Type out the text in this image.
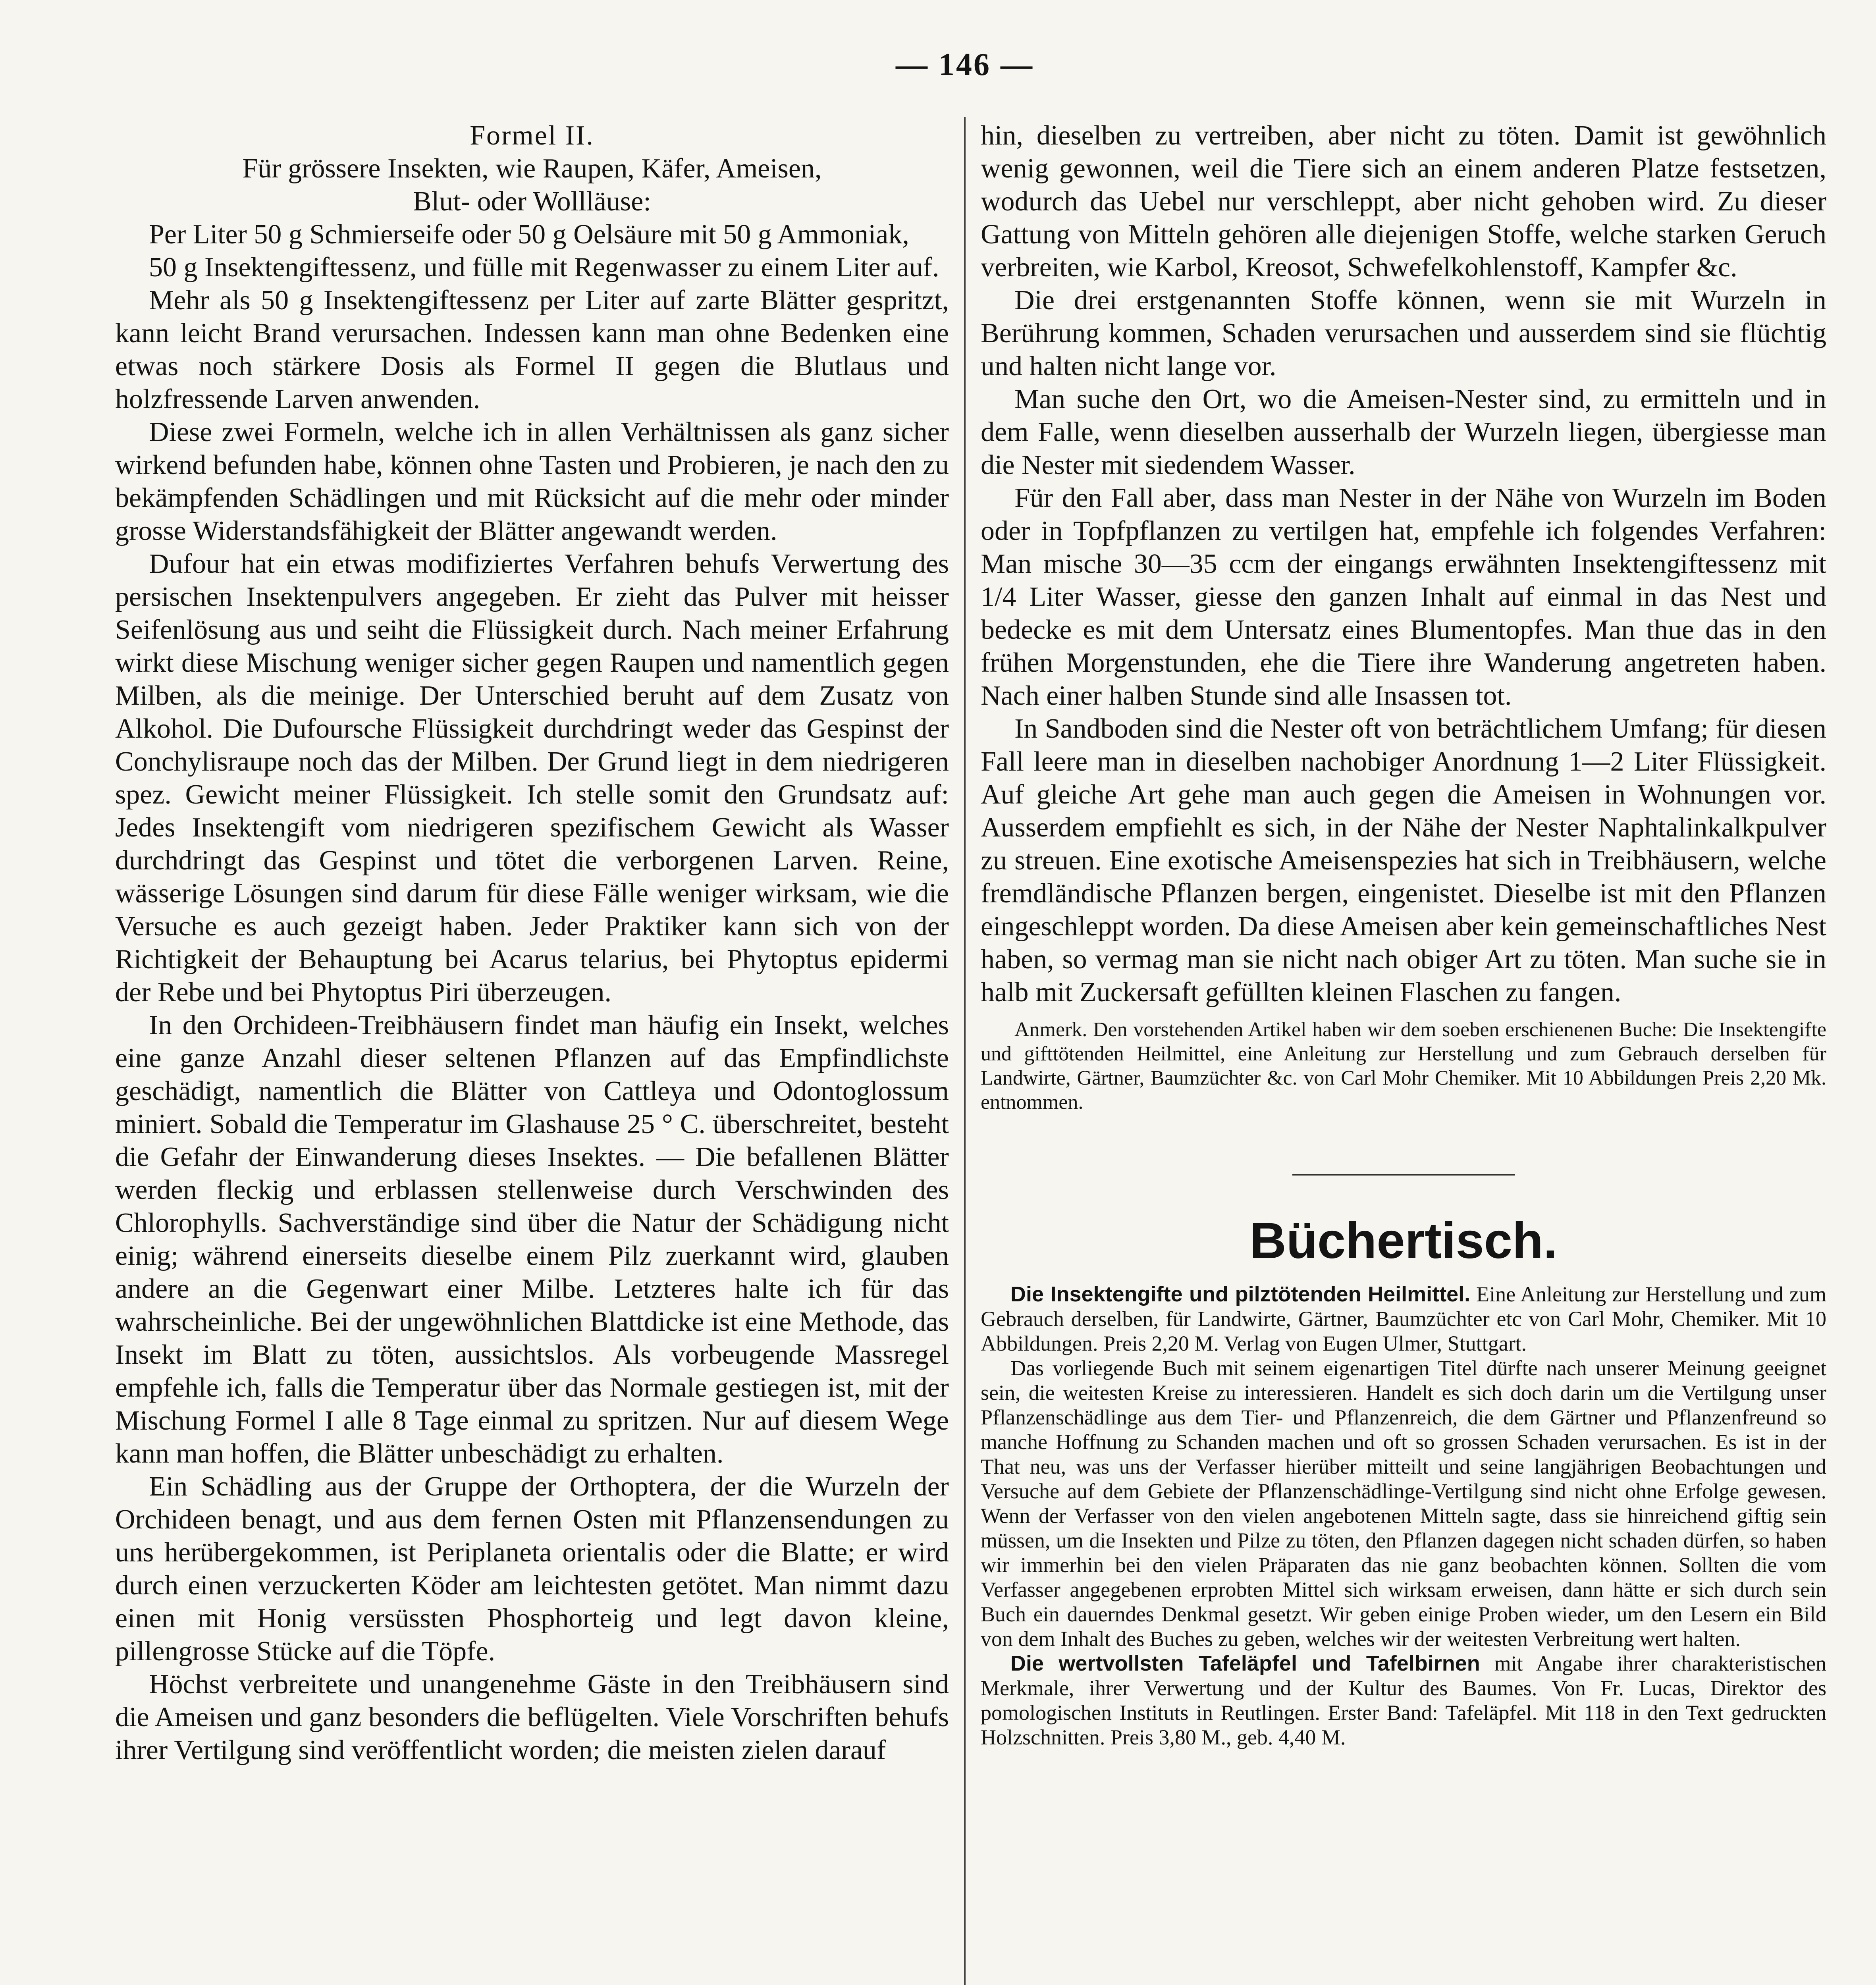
— 146 —

Formel II.

Für grössere Insekten, wie Raupen, Käfer, Ameisen,

Blut- oder Wollläuse:

Per Liter 50 g Schmierseife oder 50 g Oelsäure mit 50 g Ammoniak,

50 g Insektengiftessenz, und fülle mit Regenwasser zu einem Liter auf.

Mehr als 50 g Insektengiftessenz per Liter auf zarte Blätter gespritzt, kann leicht Brand verursachen. Indessen kann man ohne Bedenken eine etwas noch stärkere Dosis als Formel II gegen die Blutlaus und holzfressende Larven anwenden.

Diese zwei Formeln, welche ich in allen Verhältnissen als ganz sicher wirkend befunden habe, können ohne Tasten und Probieren, je nach den zu bekämpfenden Schädlingen und mit Rücksicht auf die mehr oder minder grosse Widerstandsfähigkeit der Blätter angewandt werden.

Dufour hat ein etwas modifiziertes Verfahren behufs Verwertung des persischen Insektenpulvers angegeben. Er zieht das Pulver mit heisser Seifenlösung aus und seiht die Flüssigkeit durch. Nach meiner Erfahrung wirkt diese Mischung weniger sicher gegen Raupen und namentlich gegen Milben, als die meinige. Der Unterschied beruht auf dem Zusatz von Alkohol. Die Dufoursche Flüssigkeit durchdringt weder das Gespinst der Conchylisraupe noch das der Milben. Der Grund liegt in dem niedrigeren spez. Gewicht meiner Flüssigkeit. Ich stelle somit den Grundsatz auf: Jedes Insektengift vom niedrigeren spezifischem Gewicht als Wasser durchdringt das Gespinst und tötet die verborgenen Larven. Reine, wässerige Lösungen sind darum für diese Fälle weniger wirksam, wie die Versuche es auch gezeigt haben. Jeder Praktiker kann sich von der Richtigkeit der Behauptung bei Acarus telarius, bei Phytoptus epidermi der Rebe und bei Phytoptus Piri überzeugen.

In den Orchideen-Treibhäusern findet man häufig ein Insekt, welches eine ganze Anzahl dieser seltenen Pflanzen auf das Empfindlichste geschädigt, namentlich die Blätter von Cattleya und Odontoglossum miniert. Sobald die Temperatur im Glashause 25 ° C. überschreitet, besteht die Gefahr der Einwanderung dieses Insektes. — Die befallenen Blätter werden fleckig und erblassen stellenweise durch Verschwinden des Chlorophylls. Sachverständige sind über die Natur der Schädigung nicht einig; während einerseits dieselbe einem Pilz zuerkannt wird, glauben andere an die Gegenwart einer Milbe. Letzteres halte ich für das wahrscheinliche. Bei der ungewöhnlichen Blattdicke ist eine Methode, das Insekt im Blatt zu töten, aussichtslos. Als vorbeugende Massregel empfehle ich, falls die Temperatur über das Normale gestiegen ist, mit der Mischung Formel I alle 8 Tage einmal zu spritzen. Nur auf diesem Wege kann man hoffen, die Blätter unbeschädigt zu erhalten.

Ein Schädling aus der Gruppe der Orthoptera, der die Wurzeln der Orchideen benagt, und aus dem fernen Osten mit Pflanzensendungen zu uns herübergekommen, ist Periplaneta orientalis oder die Blatte; er wird durch einen verzuckerten Köder am leichtesten getötet. Man nimmt dazu einen mit Honig versüssten Phosphorteig und legt davon kleine, pillengrosse Stücke auf die Töpfe.

Höchst verbreitete und unangenehme Gäste in den Treibhäusern sind die Ameisen und ganz besonders die beflügelten. Viele Vorschriften behufs ihrer Vertilgung sind veröffentlicht worden; die meisten zielen darauf

hin, dieselben zu vertreiben, aber nicht zu töten. Damit ist gewöhnlich wenig gewonnen, weil die Tiere sich an einem anderen Platze festsetzen, wodurch das Uebel nur verschleppt, aber nicht gehoben wird. Zu dieser Gattung von Mitteln gehören alle diejenigen Stoffe, welche starken Geruch verbreiten, wie Karbol, Kreosot, Schwefelkohlenstoff, Kampfer &c.

Die drei erstgenannten Stoffe können, wenn sie mit Wurzeln in Berührung kommen, Schaden verursachen und ausserdem sind sie flüchtig und halten nicht lange vor.

Man suche den Ort, wo die Ameisen-Nester sind, zu ermitteln und in dem Falle, wenn dieselben ausserhalb der Wurzeln liegen, übergiesse man die Nester mit siedendem Wasser.

Für den Fall aber, dass man Nester in der Nähe von Wurzeln im Boden oder in Topfpflanzen zu vertilgen hat, empfehle ich folgendes Verfahren: Man mische 30—35 ccm der eingangs erwähnten Insektengiftessenz mit 1/4 Liter Wasser, giesse den ganzen Inhalt auf einmal in das Nest und bedecke es mit dem Untersatz eines Blumentopfes. Man thue das in den frühen Morgenstunden, ehe die Tiere ihre Wanderung angetreten haben. Nach einer halben Stunde sind alle Insassen tot.

In Sandboden sind die Nester oft von beträchtlichem Umfang; für diesen Fall leere man in dieselben nachobiger Anordnung 1—2 Liter Flüssigkeit. Auf gleiche Art gehe man auch gegen die Ameisen in Wohnungen vor. Ausserdem empfiehlt es sich, in der Nähe der Nester Naphtalinkalkpulver zu streuen. Eine exotische Ameisenspezies hat sich in Treibhäusern, welche fremdländische Pflanzen bergen, eingenistet. Dieselbe ist mit den Pflanzen eingeschleppt worden. Da diese Ameisen aber kein gemeinschaftliches Nest haben, so vermag man sie nicht nach obiger Art zu töten. Man suche sie in halb mit Zuckersaft gefüllten kleinen Flaschen zu fangen.

Anmerk. Den vorstehenden Artikel haben wir dem soeben erschienenen Buche: Die Insektengifte und gifttötenden Heilmittel, eine Anleitung zur Herstellung und zum Gebrauch derselben für Landwirte, Gärtner, Baumzüchter &c. von Carl Mohr Chemiker. Mit 10 Abbildungen Preis 2,20 Mk. entnommen.

Büchertisch.

Die Insektengifte und pilztötenden Heilmittel. Eine Anleitung zur Herstellung und zum Gebrauch derselben, für Landwirte, Gärtner, Baumzüchter etc von Carl Mohr, Chemiker. Mit 10 Abbildungen. Preis 2,20 M. Verlag von Eugen Ulmer, Stuttgart.

Das vorliegende Buch mit seinem eigenartigen Titel dürfte nach unserer Meinung geeignet sein, die weitesten Kreise zu interessieren. Handelt es sich doch darin um die Vertilgung unser Pflanzenschädlinge aus dem Tier- und Pflanzenreich, die dem Gärtner und Pflanzenfreund so manche Hoffnung zu Schanden machen und oft so grossen Schaden verursachen. Es ist in der That neu, was uns der Verfasser hierüber mitteilt und seine langjährigen Beobachtungen und Versuche auf dem Gebiete der Pflanzenschädlinge-Vertilgung sind nicht ohne Erfolge gewesen. Wenn der Verfasser von den vielen angebotenen Mitteln sagte, dass sie hinreichend giftig sein müssen, um die Insekten und Pilze zu töten, den Pflanzen dagegen nicht schaden dürfen, so haben wir immerhin bei den vielen Präparaten das nie ganz beobachten können. Sollten die vom Verfasser angegebenen erprobten Mittel sich wirksam erweisen, dann hätte er sich durch sein Buch ein dauerndes Denkmal gesetzt. Wir geben einige Proben wieder, um den Lesern ein Bild von dem Inhalt des Buches zu geben, welches wir der weitesten Verbreitung wert halten.

Die wertvollsten Tafeläpfel und Tafelbirnen mit Angabe ihrer charakteristischen Merkmale, ihrer Verwertung und der Kultur des Baumes. Von Fr. Lucas, Direktor des pomologischen Instituts in Reutlingen. Erster Band: Tafeläpfel. Mit 118 in den Text gedruckten Holzschnitten. Preis 3,80 M., geb. 4,40 M.
